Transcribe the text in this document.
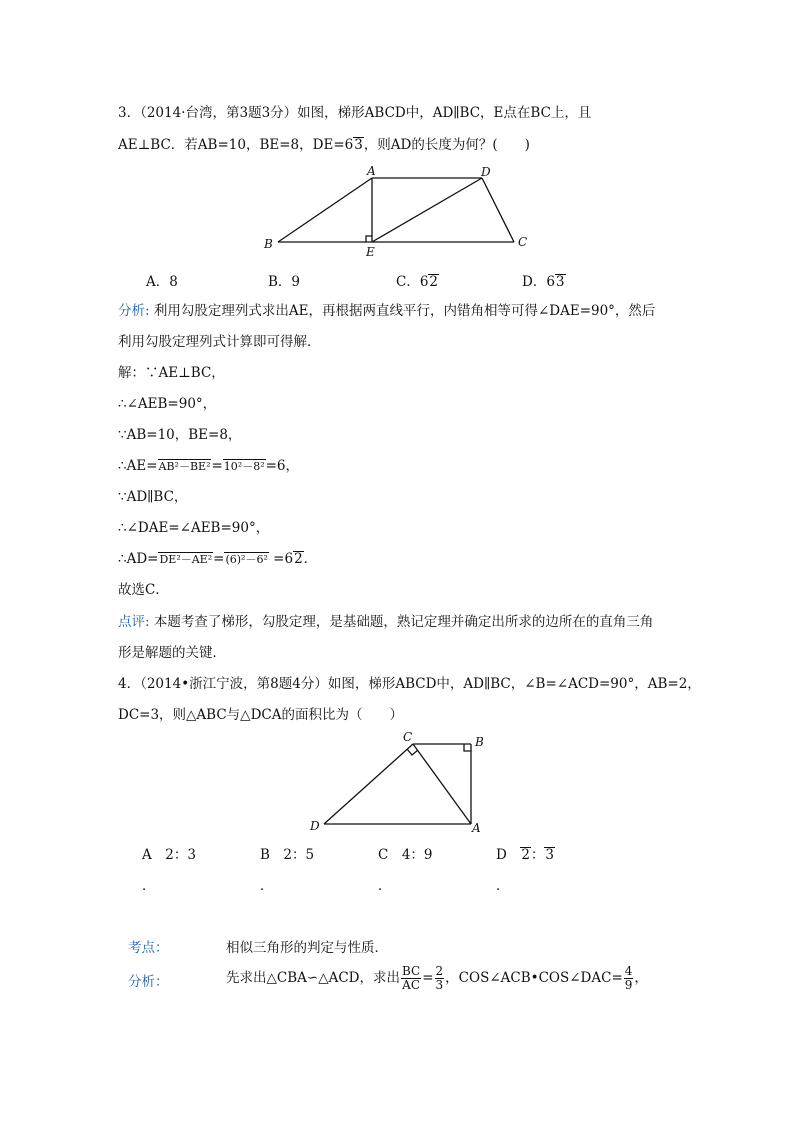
3．（2014·台湾，第3题3分）如图，梯形ABCD中，AD∥BC，E点在BC上，且
AE⊥BC．若AB=10，BE=8，DE=63，则AD的长度为何？(　　)
A
B	C
D
E
A．8	B．9	C．62	D．63
分析: 利用勾股定理列式求出AE，再根据两直线平行，内错角相等可得∠DAE=90°，然后
利用勾股定理列式计算即可得解．
解：∵AE⊥BC，
∴∠AEB=90°，
∵AB=10，BE=8，
∴AE=AB²－BE²=10²－8²=6，
∵AD∥BC，
∴∠DAE=∠AEB=90°，
∴AD=DE²－AE²=(6)²－6² =62．
故选C．
点评: 本题考查了梯形，勾股定理，是基础题，熟记定理并确定出所求的边所在的直角三角
形是解题的关键．
4．（2014•浙江宁波，第8题4分）如图，梯形ABCD中，AD∥BC，∠B=∠ACD=90°，AB=2，
DC=3，则△ABC与△DCA的面积比为（　　）
C	B
D	A
A　2：3	B　2：5	C　4：9	D　2：3
．	．	．	．
考点：	相似三角形的判定与性质．
分析：	先求出△CBA∽△ACD，求出 $\frac{BC}{AC} = \frac{2}{3}$ ，COS∠ACB•COS∠DAC= $\frac{4}{9}$ ，
